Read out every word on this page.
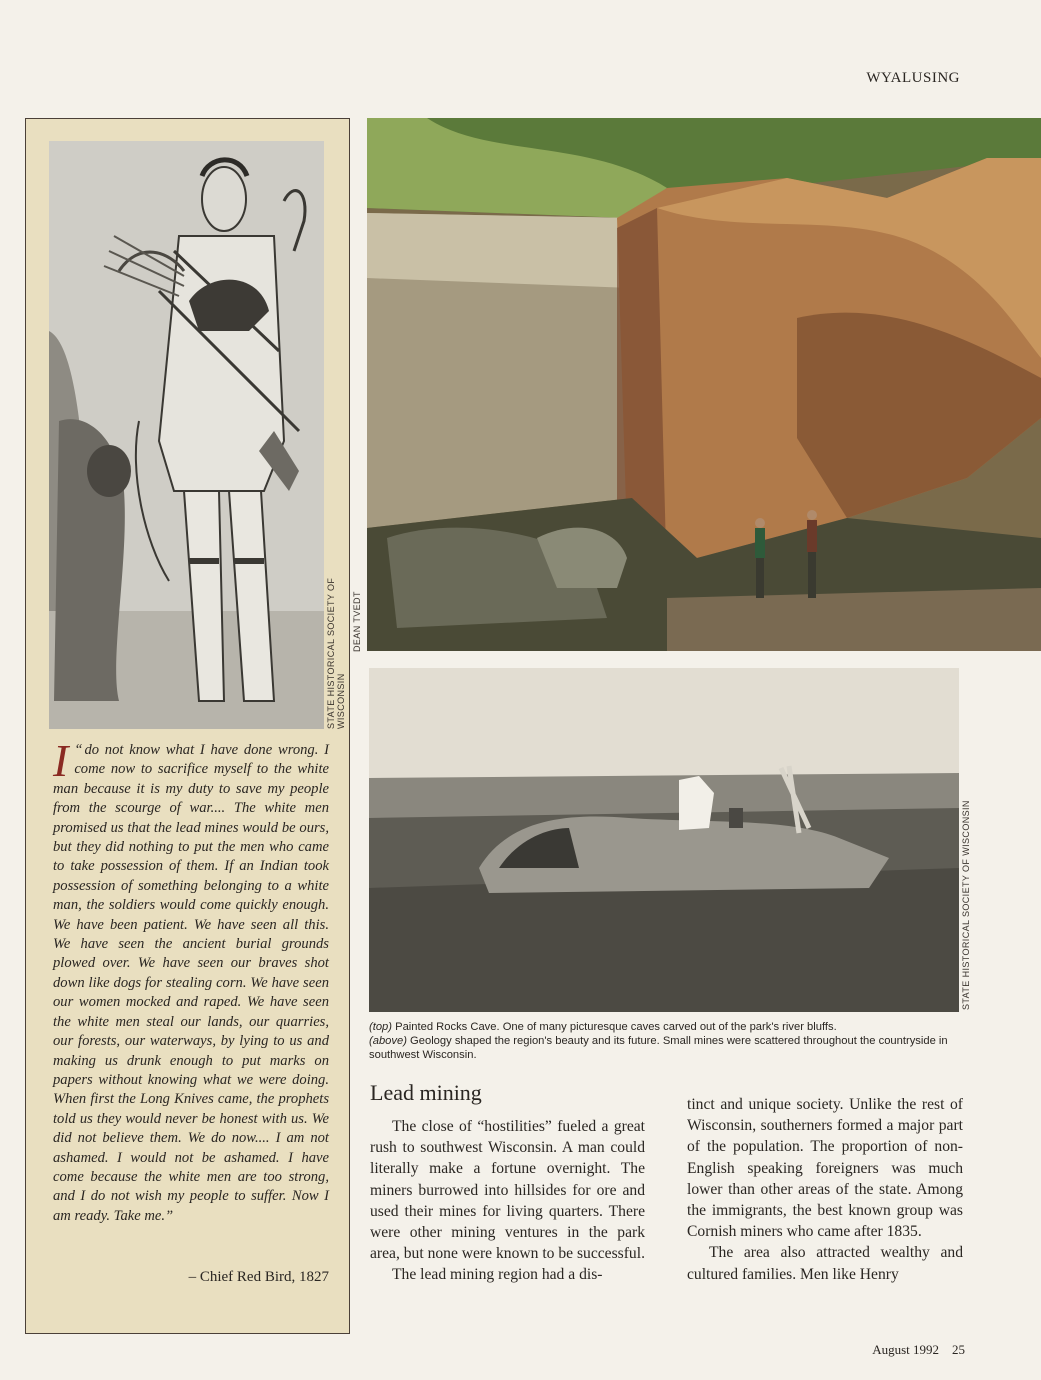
WYALUSING
STATE HISTORICAL SOCIETY OF WISCONSIN
“
I do not know what I have done wrong. I come now to sacrifice myself to the white man because it is my duty to save my people from the scourge of war.... The white men promised us that the lead mines would be ours, but they did nothing to put the men who came to take possession of them. If an Indian took possession of something belonging to a white man, the soldiers would come quickly enough. We have been patient. We have seen all this. We have seen the ancient burial grounds plowed over. We have seen our braves shot down like dogs for stealing corn. We have seen our women mocked and raped. We have seen the white men steal our lands, our quarries, our forests, our waterways, by lying to us and making us drunk enough to put marks on papers without knowing what we were doing. When first the Long Knives came, the prophets told us they would never be honest with us. We did not believe them. We do now.... I am not ashamed. I would not be ashamed. I have come because the white men are too strong, and I do not wish my people to suffer. Now I am ready. Take me.”
– Chief Red Bird, 1827
DEAN TVEDT
STATE HISTORICAL SOCIETY OF WISCONSIN
(top) Painted Rocks Cave. One of many picturesque caves carved out of the park's river bluffs.
(above) Geology shaped the region's beauty and its future. Small mines were scattered throughout the countryside in southwest Wisconsin.
Lead mining

The close of “hostilities” fueled a great rush to southwest Wisconsin. A man could literally make a fortune overnight. The miners burrowed into hillsides for ore and used their mines for living quarters. There were other mining ventures in the park area, but none were known to be successful.

The lead mining region had a dis-

tinct and unique society. Unlike the rest of Wisconsin, southerners formed a major part of the population. The proportion of non-English speaking foreigners was much lower than other areas of the state. Among the immigrants, the best known group was Cornish miners who came after 1835.

The area also attracted wealthy and cultured families. Men like Henry

August 1992 25
